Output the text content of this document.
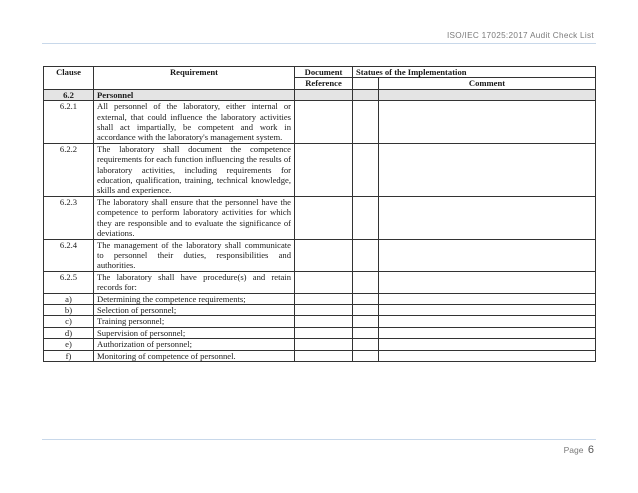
ISO/IEC 17025:2017 Audit Check List
Clause	Requirement	Document	Statues of the Implementation	
		Reference		Comment
6.2	Personnel			
6.2.1	All personnel of the laboratory, either internal or external, that could influence the laboratory activities shall act impartially, be competent and work in accordance with the laboratory's management system.			
6.2.2	The laboratory shall document the competence requirements for each function influencing the results of laboratory activities, including requirements for education, qualification, training, technical knowledge, skills and experience.			
6.2.3	The laboratory shall ensure that the personnel have the competence to perform laboratory activities for which they are responsible and to evaluate the significance of deviations.			
6.2.4	The management of the laboratory shall communicate to personnel their duties, responsibilities and authorities.			
6.2.5	The laboratory shall have procedure(s) and retain records for:			
a)	Determining the competence requirements;			
b)	Selection of personnel;			
c)	Training personnel;			
d)	Supervision of personnel;			
e)	Authorization of personnel;			
f)	Monitoring of competence of personnel.			
Page 6
